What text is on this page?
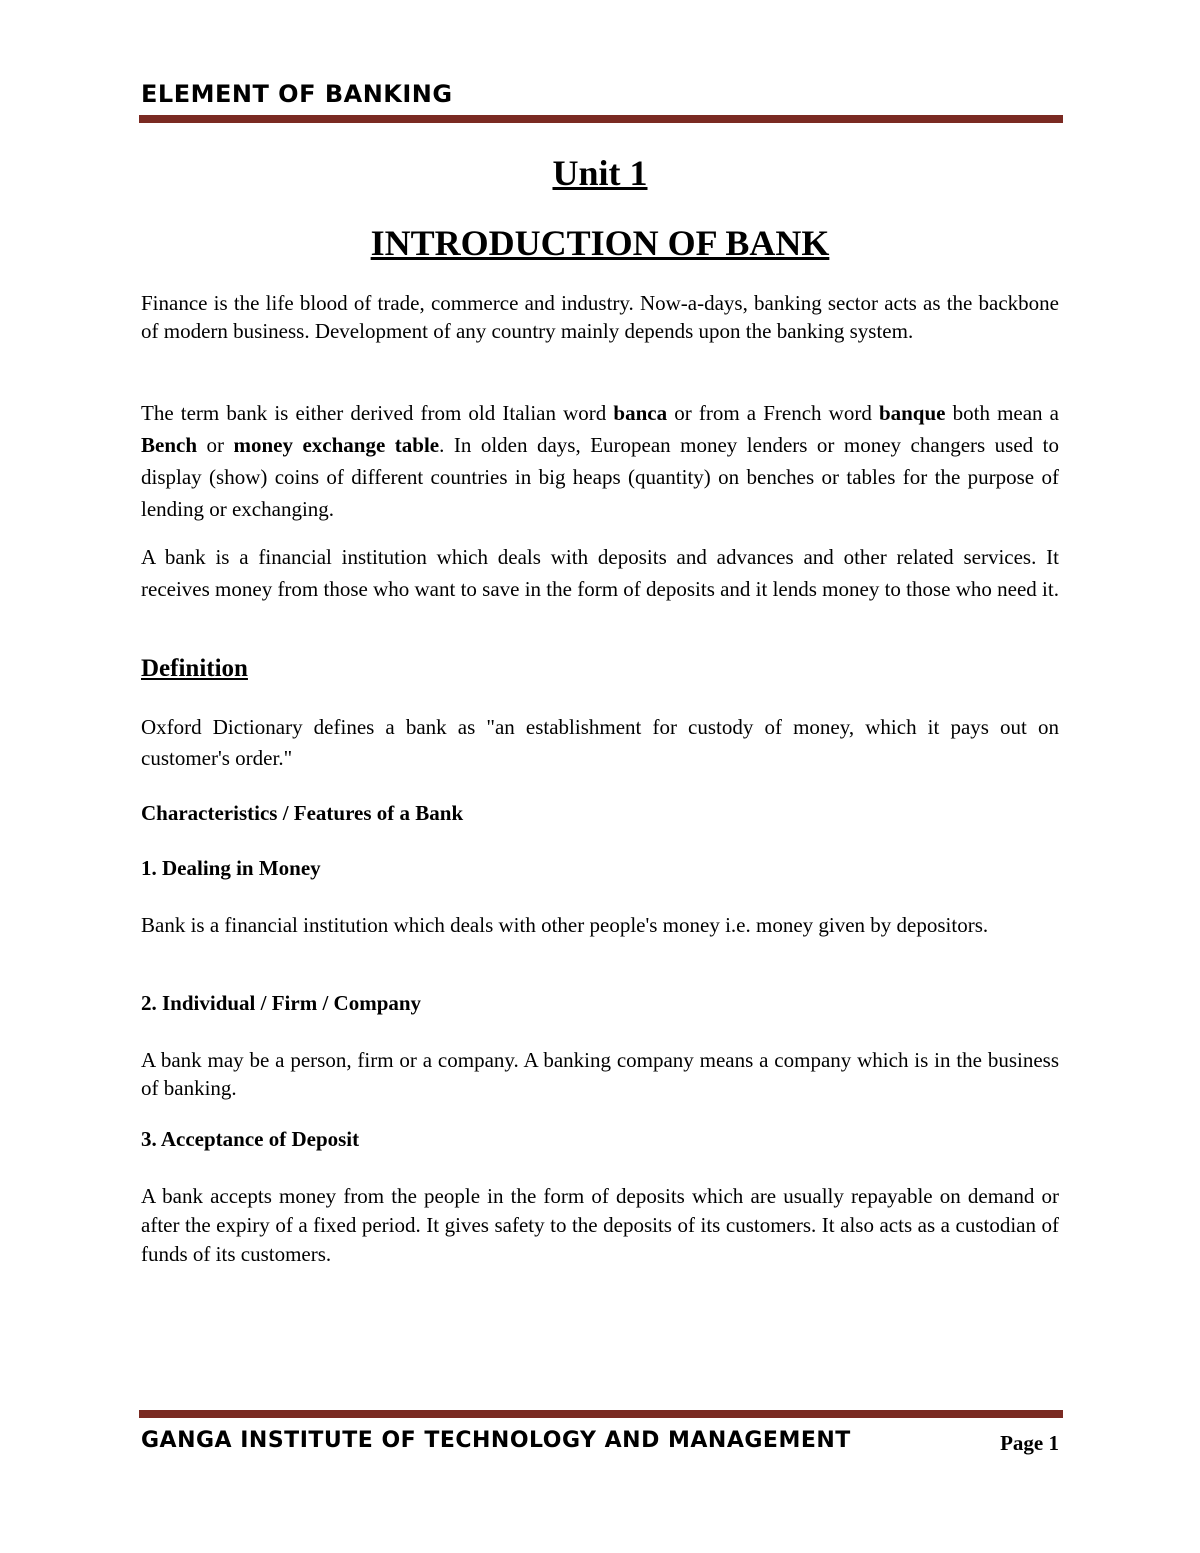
ELEMENT OF BANKING
Unit 1
INTRODUCTION OF BANK

Finance is the life blood of trade, commerce and industry. Now-a-days, banking sector acts as the backbone of modern business. Development of any country mainly depends upon the banking system.

The term bank is either derived from old Italian word banca or from a French word banque both mean a Bench or money exchange table. In olden days, European money lenders or money changers used to display (show) coins of different countries in big heaps (quantity) on benches or tables for the purpose of lending or exchanging.

A bank is a financial institution which deals with deposits and advances and other related services. It receives money from those who want to save in the form of deposits and it lends money to those who need it.

Definition

Oxford Dictionary defines a bank as "an establishment for custody of money, which it pays out on customer's order."

Characteristics / Features of a Bank
1. Dealing in Money

Bank is a financial institution which deals with other people's money i.e. money given by depositors.

2. Individual / Firm / Company

A bank may be a person, firm or a company. A banking company means a company which is in the business of banking.

3. Acceptance of Deposit

A bank accepts money from the people in the form of deposits which are usually repayable on demand or after the expiry of a fixed period. It gives safety to the deposits of its customers. It also acts as a custodian of funds of its customers.

GANGA INSTITUTE OF TECHNOLOGY AND MANAGEMENT	Page 1
